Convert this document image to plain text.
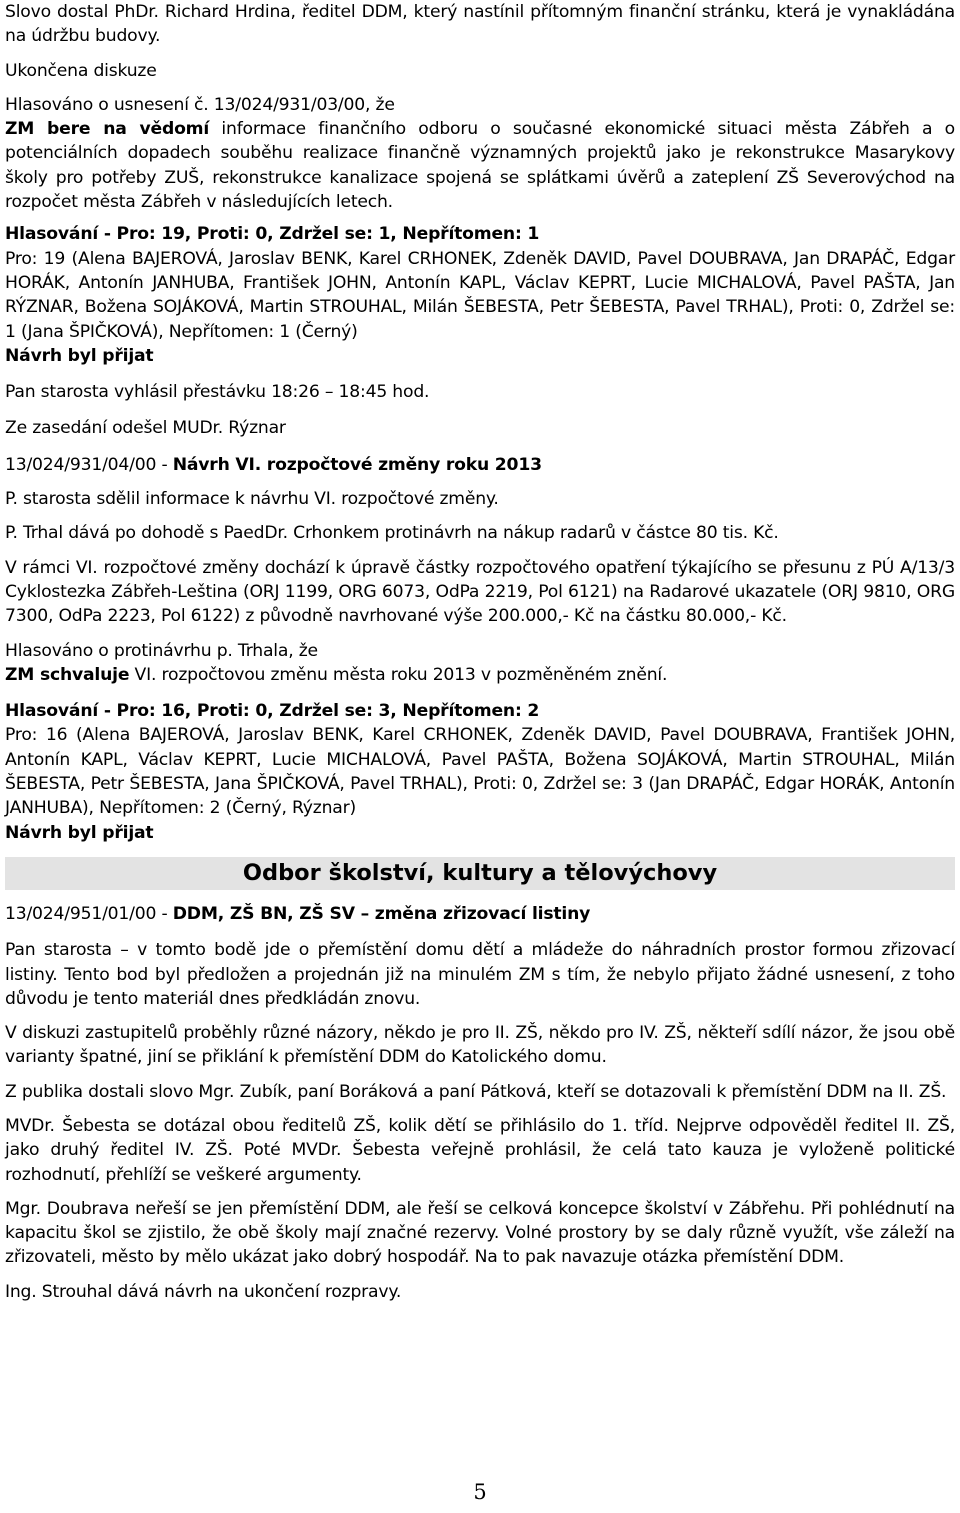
Slovo dostal PhDr. Richard Hrdina, ředitel DDM, který nastínil přítomným finanční stránku, která je vynakládána na údržbu budovy.

Ukončena diskuze

Hlasováno o usnesení č. 13/024/931/03/00, že

ZM bere na vědomí informace finančního odboru o současné ekonomické situaci města Zábřeh a o potenciálních dopadech souběhu realizace finančně významných projektů jako je rekonstrukce Masarykovy školy pro potřeby ZUŠ, rekonstrukce kanalizace spojená se splátkami úvěrů a zateplení ZŠ Severovýchod na rozpočet města Zábřeh v následujících letech.

Hlasování - Pro: 19, Proti: 0, Zdržel se: 1, Nepřítomen: 1

Pro: 19 (Alena BAJEROVÁ, Jaroslav BENK, Karel CRHONEK, Zdeněk DAVID, Pavel DOUBRAVA, Jan DRAPÁČ, Edgar HORÁK, Antonín JANHUBA, František JOHN, Antonín KAPL, Václav KEPRT, Lucie MICHALOVÁ, Pavel PAŠTA, Jan RÝZNAR, Božena SOJÁKOVÁ, Martin STROUHAL, Milán ŠEBESTA, Petr ŠEBESTA, Pavel TRHAL), Proti: 0, Zdržel se: 1 (Jana ŠPIČKOVÁ), Nepřítomen: 1 (Černý)

Návrh byl přijat

Pan starosta vyhlásil přestávku 18:26 – 18:45 hod.

Ze zasedání odešel MUDr. Rýznar

13/024/931/04/00 - Návrh VI. rozpočtové změny roku 2013

P. starosta sdělil informace k návrhu VI. rozpočtové změny.

P. Trhal dává po dohodě s PaedDr. Crhonkem protinávrh na nákup radarů v částce 80 tis. Kč.

V rámci VI. rozpočtové změny dochází k úpravě částky rozpočtového opatření týkajícího se přesunu z PÚ A/13/3 Cyklostezka Zábřeh-Leština (ORJ 1199, ORG 6073, OdPa 2219, Pol 6121) na Radarové ukazatele (ORJ 9810, ORG 7300, OdPa 2223, Pol 6122) z původně navrhované výše 200.000,- Kč na částku 80.000,- Kč.

Hlasováno o protinávrhu p. Trhala, že

ZM schvaluje VI. rozpočtovou změnu města roku 2013 v pozměněném znění.

Hlasování - Pro: 16, Proti: 0, Zdržel se: 3, Nepřítomen: 2

Pro: 16 (Alena BAJEROVÁ, Jaroslav BENK, Karel CRHONEK, Zdeněk DAVID, Pavel DOUBRAVA, František JOHN, Antonín KAPL, Václav KEPRT, Lucie MICHALOVÁ, Pavel PAŠTA, Božena SOJÁKOVÁ, Martin STROUHAL, Milán ŠEBESTA, Petr ŠEBESTA, Jana ŠPIČKOVÁ, Pavel TRHAL), Proti: 0, Zdržel se: 3 (Jan DRAPÁČ, Edgar HORÁK, Antonín JANHUBA), Nepřítomen: 2 (Černý, Rýznar)

Návrh byl přijat

Odbor školství, kultury a tělovýchovy

13/024/951/01/00 - DDM, ZŠ BN, ZŠ SV – změna zřizovací listiny

Pan starosta – v tomto bodě jde o přemístění domu dětí a mládeže do náhradních prostor formou zřizovací listiny. Tento bod byl předložen a projednán již na minulém ZM s tím, že nebylo přijato žádné usnesení, z toho důvodu je tento materiál dnes předkládán znovu.

V diskuzi zastupitelů proběhly různé názory, někdo je pro II. ZŠ, někdo pro IV. ZŠ, někteří sdílí názor, že jsou obě varianty špatné, jiní se přiklání k přemístění DDM do Katolického domu.

Z publika dostali slovo Mgr. Zubík, paní Boráková a paní Pátková, kteří se dotazovali k přemístění DDM na II. ZŠ.

MVDr. Šebesta se dotázal obou ředitelů ZŠ, kolik dětí se přihlásilo do 1. tříd. Nejprve odpověděl ředitel II. ZŠ, jako druhý ředitel IV. ZŠ. Poté MVDr. Šebesta veřejně prohlásil, že celá tato kauza je vyloženě politické rozhodnutí, přehlíží se veškeré argumenty.

Mgr. Doubrava neřeší se jen přemístění DDM, ale řeší se celková koncepce školství v Zábřehu. Při pohlédnutí na kapacitu škol se zjistilo, že obě školy mají značné rezervy. Volné prostory by se daly různě využít, vše záleží na zřizovateli, město by mělo ukázat jako dobrý hospodář. Na to pak navazuje otázka přemístění DDM.

Ing. Strouhal dává návrh na ukončení rozpravy.

5
